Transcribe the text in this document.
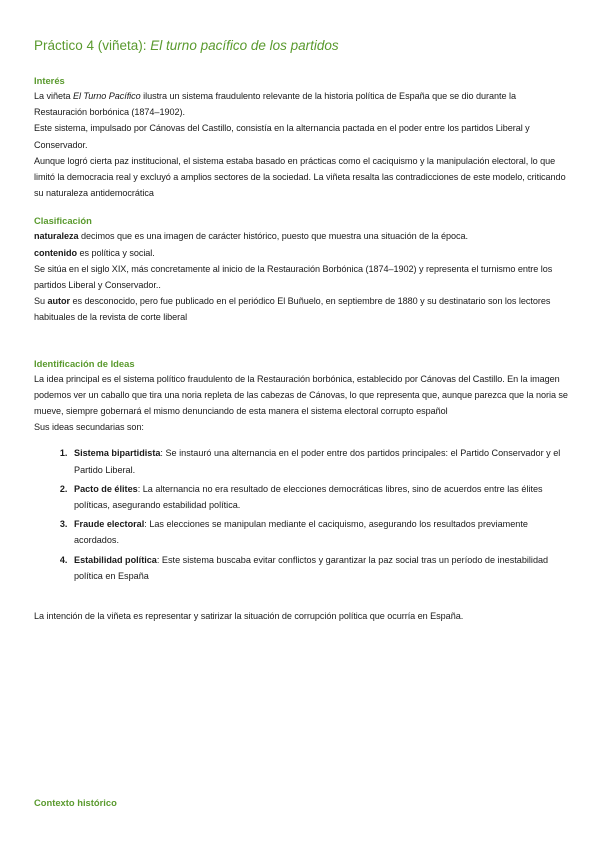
Práctico 4 (viñeta): El turno pacífico de los partidos
Interés

La viñeta El Turno Pacífico ilustra un sistema fraudulento relevante de la historia política de España que se dio durante la Restauración borbónica (1874–1902).

Este sistema, impulsado por Cánovas del Castillo, consistía en la alternancia pactada en el poder entre los partidos Liberal y Conservador.

Aunque logró cierta paz institucional, el sistema estaba basado en prácticas como el caciquismo y la manipulación electoral, lo que limitó la democracia real y excluyó a amplios sectores de la sociedad. La viñeta resalta las contradicciones de este modelo, criticando su naturaleza antidemocrática

Clasificación

naturaleza decimos que es una imagen de carácter histórico, puesto que muestra una situación de la época.

contenido es política y social.

Se sitúa en el siglo XIX, más concretamente al inicio de la Restauración Borbónica (1874–1902) y representa el turnismo entre los partidos Liberal y Conservador..

Su autor es desconocido, pero fue publicado en el periódico El Buñuelo, en septiembre de 1880 y su destinatario son los lectores habituales de la revista de corte liberal

Identificación de Ideas

La idea principal es el sistema político fraudulento de la Restauración borbónica, establecido por Cánovas del Castillo. En la imagen podemos ver un caballo que tira una noria repleta de las cabezas de Cánovas, lo que representa que, aunque parezca que la noria se mueve, siempre gobernará el mismo denunciando de esta manera el sistema electoral corrupto español

Sus ideas secundarias son:

1. Sistema bipartidista: Se instauró una alternancia en el poder entre dos partidos principales: el Partido Conservador y el Partido Liberal.
2. Pacto de élites: La alternancia no era resultado de elecciones democráticas libres, sino de acuerdos entre las élites políticas, asegurando estabilidad política.
3. Fraude electoral: Las elecciones se manipulan mediante el caciquismo, asegurando los resultados previamente acordados.
4. Estabilidad política: Este sistema buscaba evitar conflictos y garantizar la paz social tras un período de inestabilidad política en España

La intención de la viñeta es representar y satirizar la situación de corrupción política que ocurría en España.

Contexto histórico
